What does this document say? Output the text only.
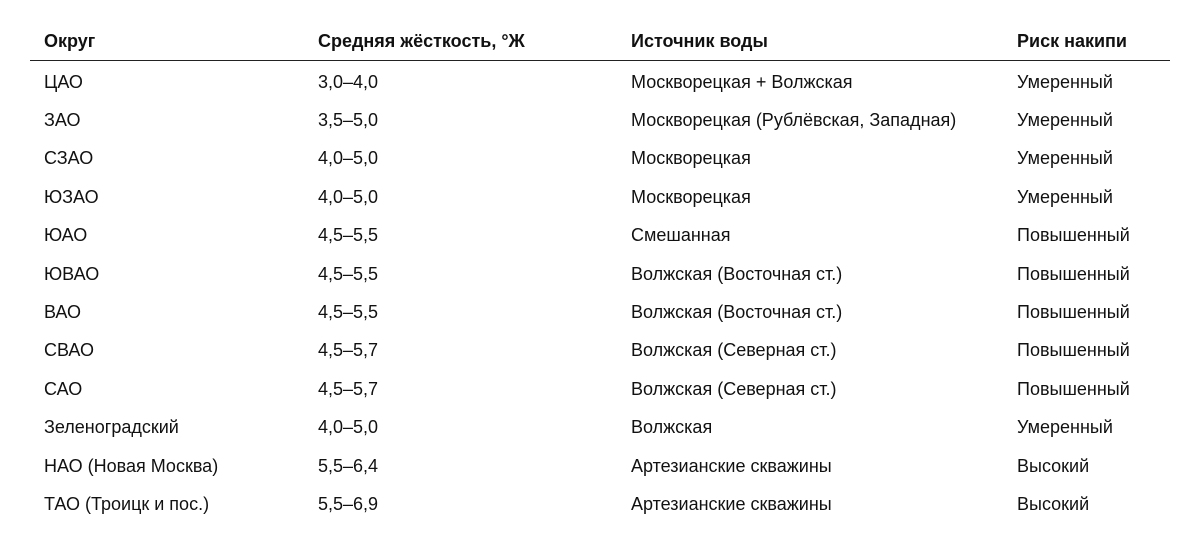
Округ	Средняя жёсткость, °Ж	Источник воды	Риск накипи
ЦАО	3,0–4,0	Москворецкая + Волжская	Умеренный
ЗАО	3,5–5,0	Москворецкая (Рублёвская, Западная)	Умеренный
СЗАО	4,0–5,0	Москворецкая	Умеренный
ЮЗАО	4,0–5,0	Москворецкая	Умеренный
ЮАО	4,5–5,5	Смешанная	Повышенный
ЮВАО	4,5–5,5	Волжская (Восточная ст.)	Повышенный
ВАО	4,5–5,5	Волжская (Восточная ст.)	Повышенный
СВАО	4,5–5,7	Волжская (Северная ст.)	Повышенный
САО	4,5–5,7	Волжская (Северная ст.)	Повышенный
Зеленоградский	4,0–5,0	Волжская	Умеренный
НАО (Новая Москва)	5,5–6,4	Артезианские скважины	Высокий
ТАО (Троицк и пос.)	5,5–6,9	Артезианские скважины	Высокий
